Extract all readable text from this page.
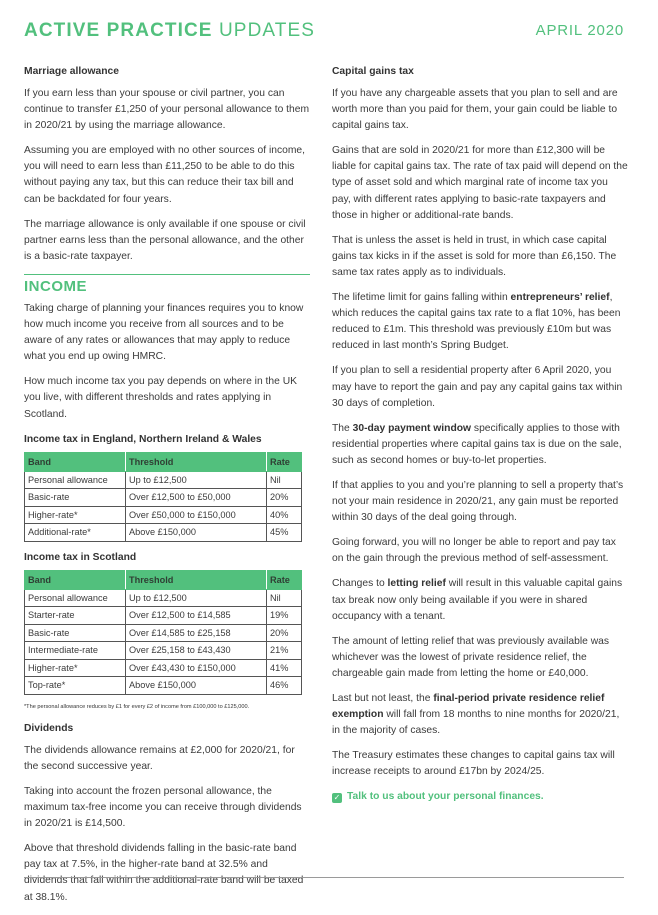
ACTIVE PRACTICE UPDATES	APRIL 2020
Marriage allowance

If you earn less than your spouse or civil partner, you can continue to transfer £1,250 of your personal allowance to them in 2020/21 by using the marriage allowance.

Assuming you are employed with no other sources of income, you will need to earn less than £11,250 to be able to do this without paying any tax, but this can reduce their tax bill and can be backdated for four years.

The marriage allowance is only available if one spouse or civil partner earns less than the personal allowance, and the other is a basic-rate taxpayer.

INCOME

Taking charge of planning your finances requires you to know how much income you receive from all sources and to be aware of any rates or allowances that may apply to reduce what you end up owing HMRC.

How much income tax you pay depends on where in the UK you live, with different thresholds and rates applying in Scotland.

Income tax in England, Northern Ireland & Wales
Band	Threshold	Rate
Personal allowance	Up to £12,500	Nil
Basic-rate	Over £12,500 to £50,000	20%
Higher-rate*	Over £50,000 to £150,000	40%
Additional-rate*	Above £150,000	45%
Income tax in Scotland
Band	Threshold	Rate
Personal allowance	Up to £12,500	Nil
Starter-rate	Over £12,500 to £14,585	19%
Basic-rate	Over £14,585 to £25,158	20%
Intermediate-rate	Over £25,158 to £43,430	21%
Higher-rate*	Over £43,430 to £150,000	41%
Top-rate*	Above £150,000	46%
*The personal allowance reduces by £1 for every £2 of income from £100,000 to £125,000.
Dividends

The dividends allowance remains at £2,000 for 2020/21, for the second successive year.

Taking into account the frozen personal allowance, the maximum tax-free income you can receive through dividends in 2020/21 is £14,500.

Above that threshold dividends falling in the basic-rate band pay tax at 7.5%, in the higher-rate band at 32.5% and dividends that fall within the additional-rate band will be taxed at 38.1%.

Capital gains tax

If you have any chargeable assets that you plan to sell and are worth more than you paid for them, your gain could be liable to capital gains tax.

Gains that are sold in 2020/21 for more than £12,300 will be liable for capital gains tax. The rate of tax paid will depend on the type of asset sold and which marginal rate of income tax you pay, with different rates applying to basic-rate taxpayers and those in higher or additional-rate bands.

That is unless the asset is held in trust, in which case capital gains tax kicks in if the asset is sold for more than £6,150. The same tax rates apply as to individuals.

The lifetime limit for gains falling within entrepreneurs’ relief, which reduces the capital gains tax rate to a flat 10%, has been reduced to £1m. This threshold was previously £10m but was reduced in last month’s Spring Budget.

If you plan to sell a residential property after 6 April 2020, you may have to report the gain and pay any capital gains tax within 30 days of completion.

The 30-day payment window specifically applies to those with residential properties where capital gains tax is due on the sale, such as second homes or buy-to-let properties.

If that applies to you and you’re planning to sell a property that’s not your main residence in 2020/21, any gain must be reported within 30 days of the deal going through.

Going forward, you will no longer be able to report and pay tax on the gain through the previous method of self-assessment.

Changes to letting relief will result in this valuable capital gains tax break now only being available if you were in shared occupancy with a tenant.

The amount of letting relief that was previously available was whichever was the lowest of private residence relief, the chargeable gain made from letting the home or £40,000.

Last but not least, the final-period private residence relief exemption will fall from 18 months to nine months for 2020/21, in the majority of cases.

The Treasury estimates these changes to capital gains tax will increase receipts to around £17bn by 2024/25.

✓ Talk to us about your personal finances.
